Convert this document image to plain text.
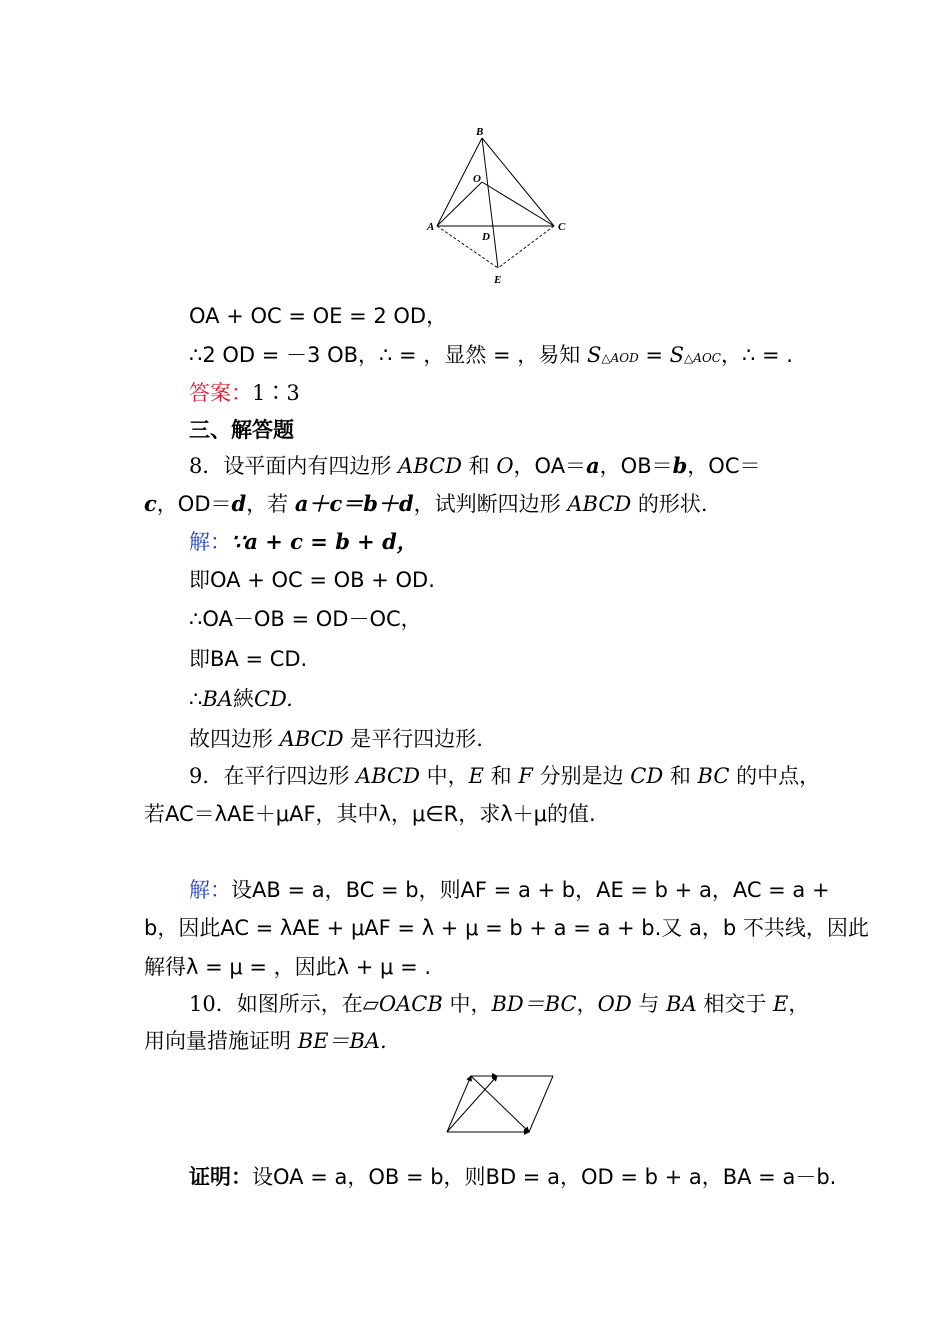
B
O
A	C
D
E
OA + OC = OE = 2 OD，
∴2 OD = －3 OB，∴ = ，显然 = ，易知 S△AOD = S△AOC，∴ = .
答案：1∶3
三、解答题
8．设平面内有四边形 ABCD 和 O，OA＝a，OB＝b，OC＝
c，OD＝d，若 a＋c＝b＋d，试判断四边形 ABCD 的形状.
解：∵a + c = b + d，
即OA + OC = OB + OD.
∴OA－OB = OD－OC，
即BA = CD.
∴BA綊CD.
故四边形 ABCD 是平行四边形.
9．在平行四边形 ABCD 中，E 和 F 分别是边 CD 和 BC 的中点，
若AC＝λAE＋μAF，其中λ，μ∈R，求λ＋μ的值.
解：设AB = a，BC = b，则AF = a + b，AE = b + a，AC = a +
b，因此AC = λAE + μAF = λ + μ = b + a = a + b.又 a，b 不共线，因此
解得λ = μ = ，因此λ + μ = .
10．如图所示，在▱OACB 中，BD＝BC，OD 与 BA 相交于 E，
用向量措施证明 BE＝BA.
证明：设OA = a，OB = b，则BD = a，OD = b + a，BA = a－b.
